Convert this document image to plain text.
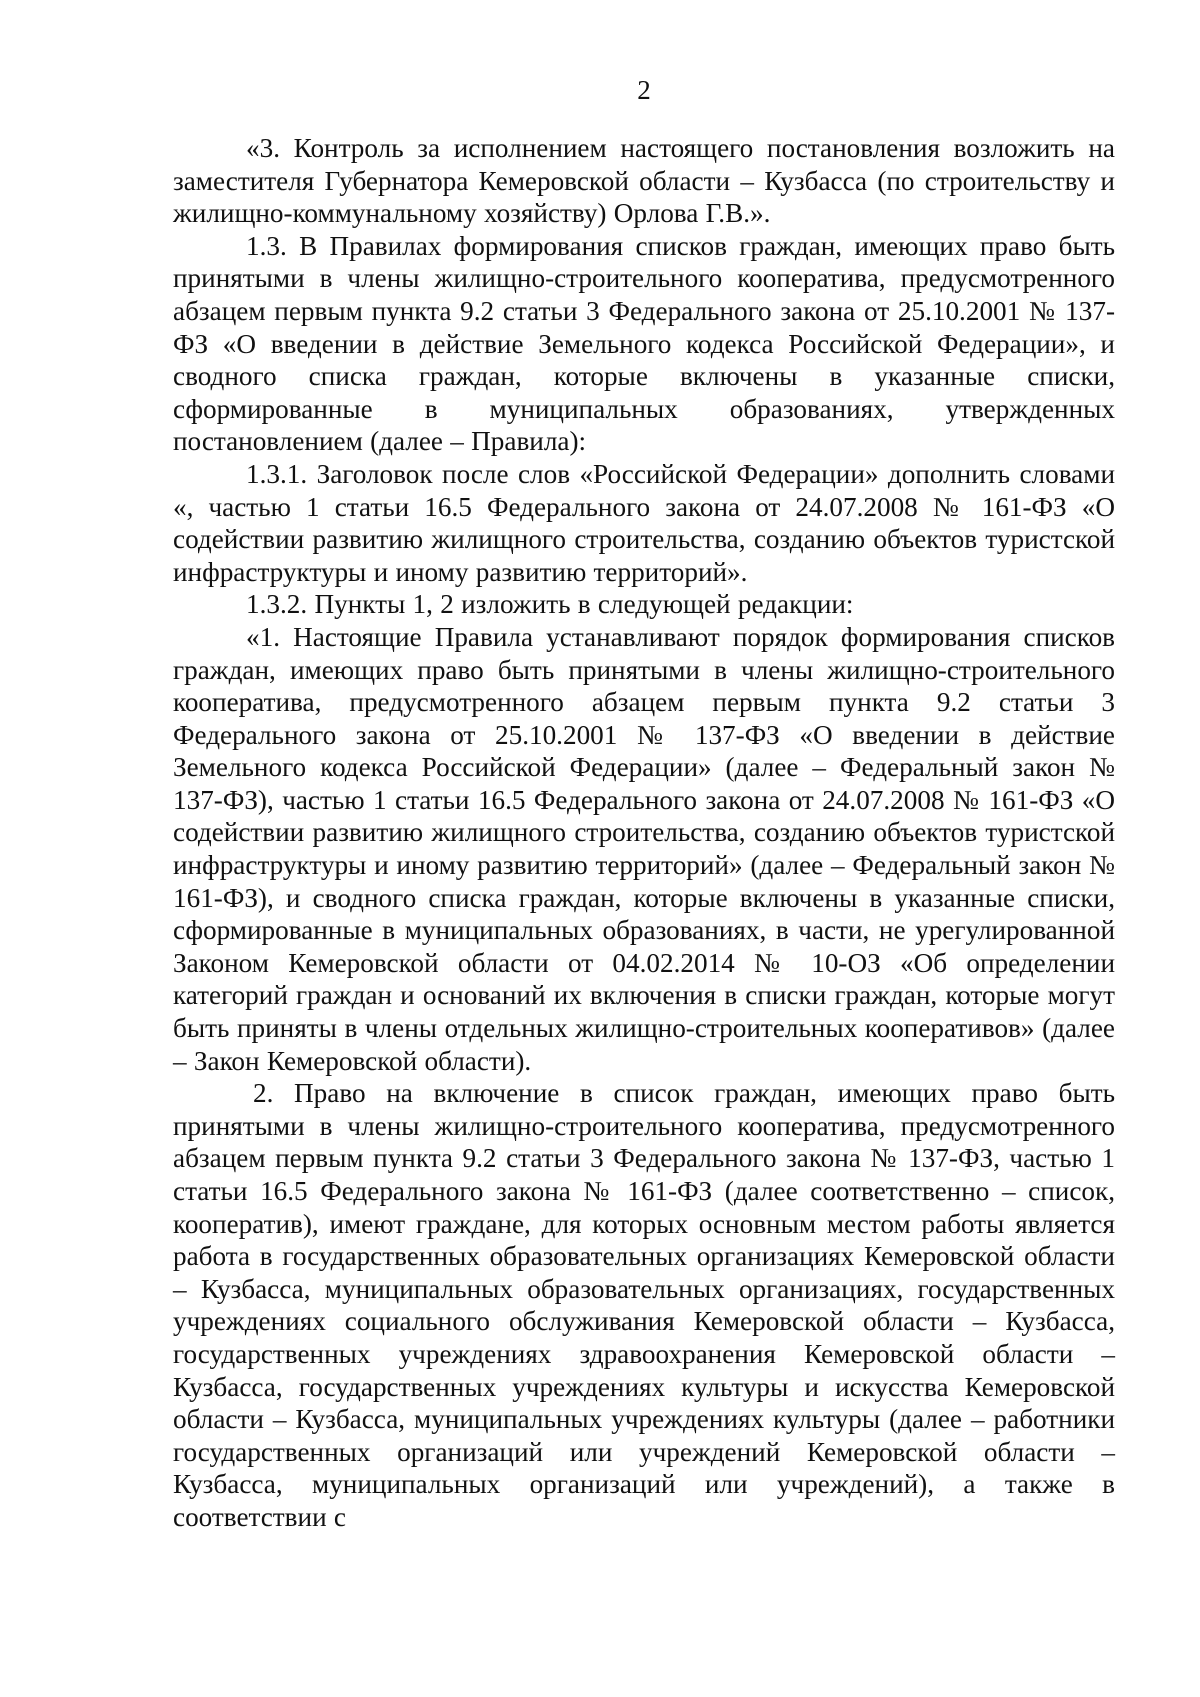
2

«3. Контроль за исполнением настоящего постановления возложить на заместителя Губернатора Кемеровской области – Кузбасса (по строительству и жилищно-коммунальному хозяйству) Орлова Г.В.».

1.3. В Правилах формирования списков граждан, имеющих право быть принятыми в члены жилищно-строительного кооператива, предусмотренного абзацем первым пункта 9.2 статьи 3 Федерального закона от 25.10.2001 № 137-ФЗ «О введении в действие Земельного кодекса Российской Федерации», и сводного списка граждан, которые включены в указанные списки, сформированные в муниципальных образованиях, утвержденных постановлением (далее – Правила):

1.3.1. Заголовок после слов «Российской Федерации» дополнить словами «, частью 1 статьи 16.5 Федерального закона от 24.07.2008 № 161-ФЗ «О содействии развитию жилищного строительства, созданию объектов туристской инфраструктуры и иному развитию территорий».

1.3.2. Пункты 1, 2 изложить в следующей редакции:

«1. Настоящие Правила устанавливают порядок формирования списков граждан, имеющих право быть принятыми в члены жилищно-строительного кооператива, предусмотренного абзацем первым пункта 9.2 статьи 3 Федерального закона от 25.10.2001 № 137-ФЗ «О введении в действие Земельного кодекса Российской Федерации» (далее – Федеральный закон № 137-ФЗ), частью 1 статьи 16.5 Федерального закона от 24.07.2008 № 161-ФЗ «О содействии развитию жилищного строительства, созданию объектов туристской инфраструктуры и иному развитию территорий» (далее – Федеральный закон № 161-ФЗ), и сводного списка граждан, которые включены в указанные списки, сформированные в муниципальных образованиях, в части, не урегулированной Законом Кемеровской области от 04.02.2014 № 10-ОЗ «Об определении категорий граждан и оснований их включения в списки граждан, которые могут быть приняты в члены отдельных жилищно-строительных кооперативов» (далее – Закон Кемеровской области).

2. Право на включение в список граждан, имеющих право быть принятыми в члены жилищно-строительного кооператива, предусмотренного абзацем первым пункта 9.2 статьи 3 Федерального закона № 137-ФЗ, частью 1 статьи 16.5 Федерального закона № 161-ФЗ (далее соответственно – список, кооператив), имеют граждане, для которых основным местом работы является работа в государственных образовательных организациях Кемеровской области – Кузбасса, муниципальных образовательных организациях, государственных учреждениях социального обслуживания Кемеровской области – Кузбасса, государственных учреждениях здравоохранения Кемеровской области – Кузбасса, государственных учреждениях культуры и искусства Кемеровской области – Кузбасса, муниципальных учреждениях культуры (далее – работники государственных организаций или учреждений Кемеровской области – Кузбасса, муниципальных организаций или учреждений), а также в соответствии с
